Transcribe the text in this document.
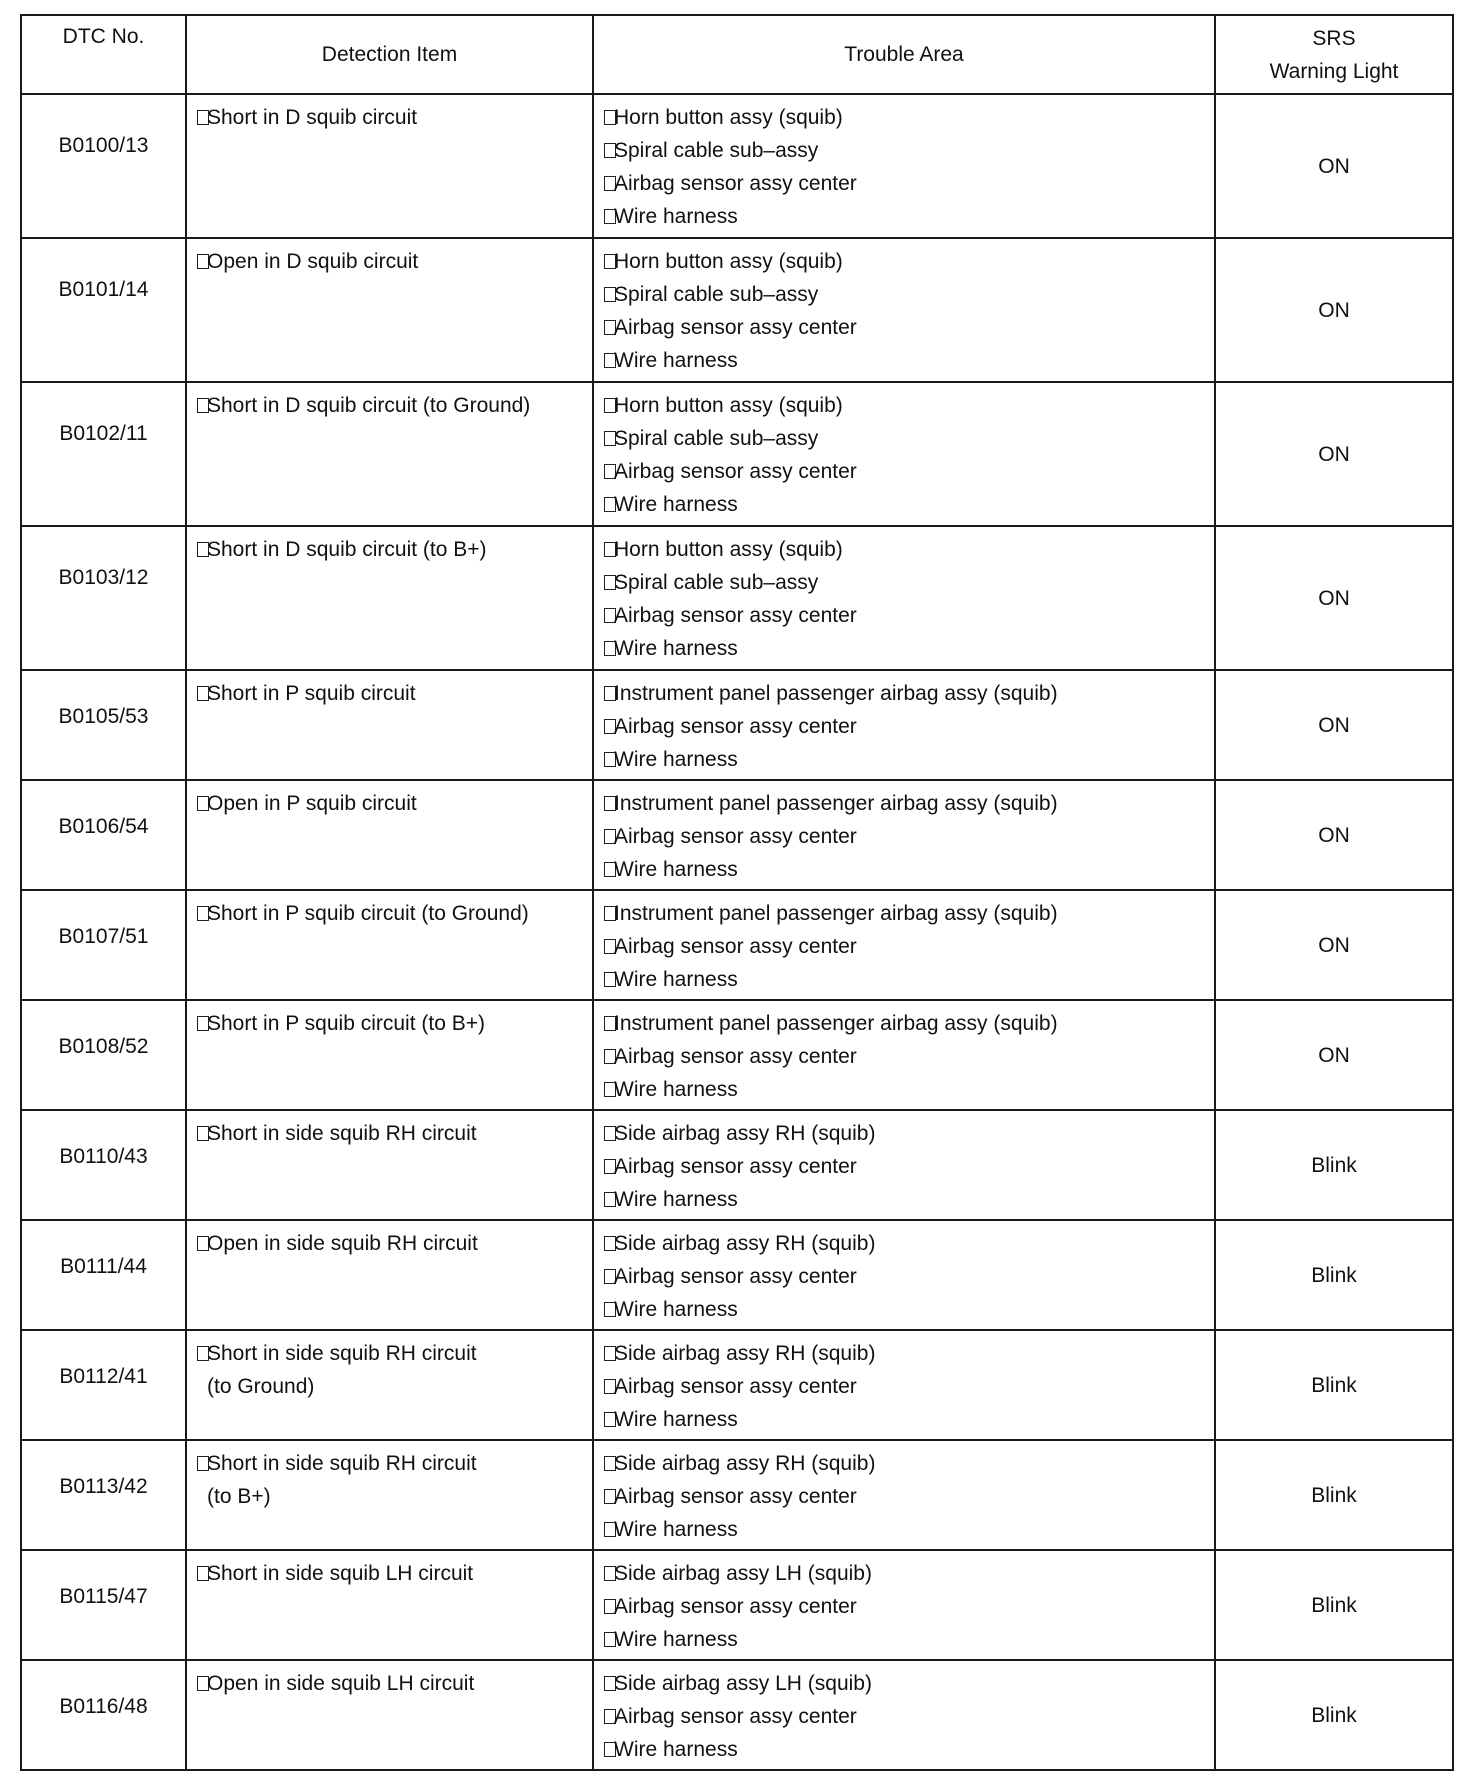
DTC No.	Detection Item	Trouble Area	SRS
Warning Light

B0100/13	Short in D squib circuit	Horn button assy (squib)
Spiral cable sub–assy
Airbag sensor assy center
Wire harness	ON
B0101/14	Open in D squib circuit	Horn button assy (squib)
Spiral cable sub–assy
Airbag sensor assy center
Wire harness	ON
B0102/11	Short in D squib circuit (to Ground)	Horn button assy (squib)
Spiral cable sub–assy
Airbag sensor assy center
Wire harness	ON
B0103/12	Short in D squib circuit (to B+)	Horn button assy (squib)
Spiral cable sub–assy
Airbag sensor assy center
Wire harness	ON
B0105/53	Short in P squib circuit	Instrument panel passenger airbag assy (squib)
Airbag sensor assy center
Wire harness	ON
B0106/54	Open in P squib circuit	Instrument panel passenger airbag assy (squib)
Airbag sensor assy center
Wire harness	ON
B0107/51	Short in P squib circuit (to Ground)	Instrument panel passenger airbag assy (squib)
Airbag sensor assy center
Wire harness	ON
B0108/52	Short in P squib circuit (to B+)	Instrument panel passenger airbag assy (squib)
Airbag sensor assy center
Wire harness	ON
B0110/43	Short in side squib RH circuit	Side airbag assy RH (squib)
Airbag sensor assy center
Wire harness	Blink
B0111/44	Open in side squib RH circuit	Side airbag assy RH (squib)
Airbag sensor assy center
Wire harness	Blink
B0112/41	Short in side squib RH circuit
(to Ground)	Side airbag assy RH (squib)
Airbag sensor assy center
Wire harness	Blink
B0113/42	Short in side squib RH circuit
(to B+)	Side airbag assy RH (squib)
Airbag sensor assy center
Wire harness	Blink
B0115/47	Short in side squib LH circuit	Side airbag assy LH (squib)
Airbag sensor assy center
Wire harness	Blink
B0116/48	Open in side squib LH circuit	Side airbag assy LH (squib)
Airbag sensor assy center
Wire harness	Blink
